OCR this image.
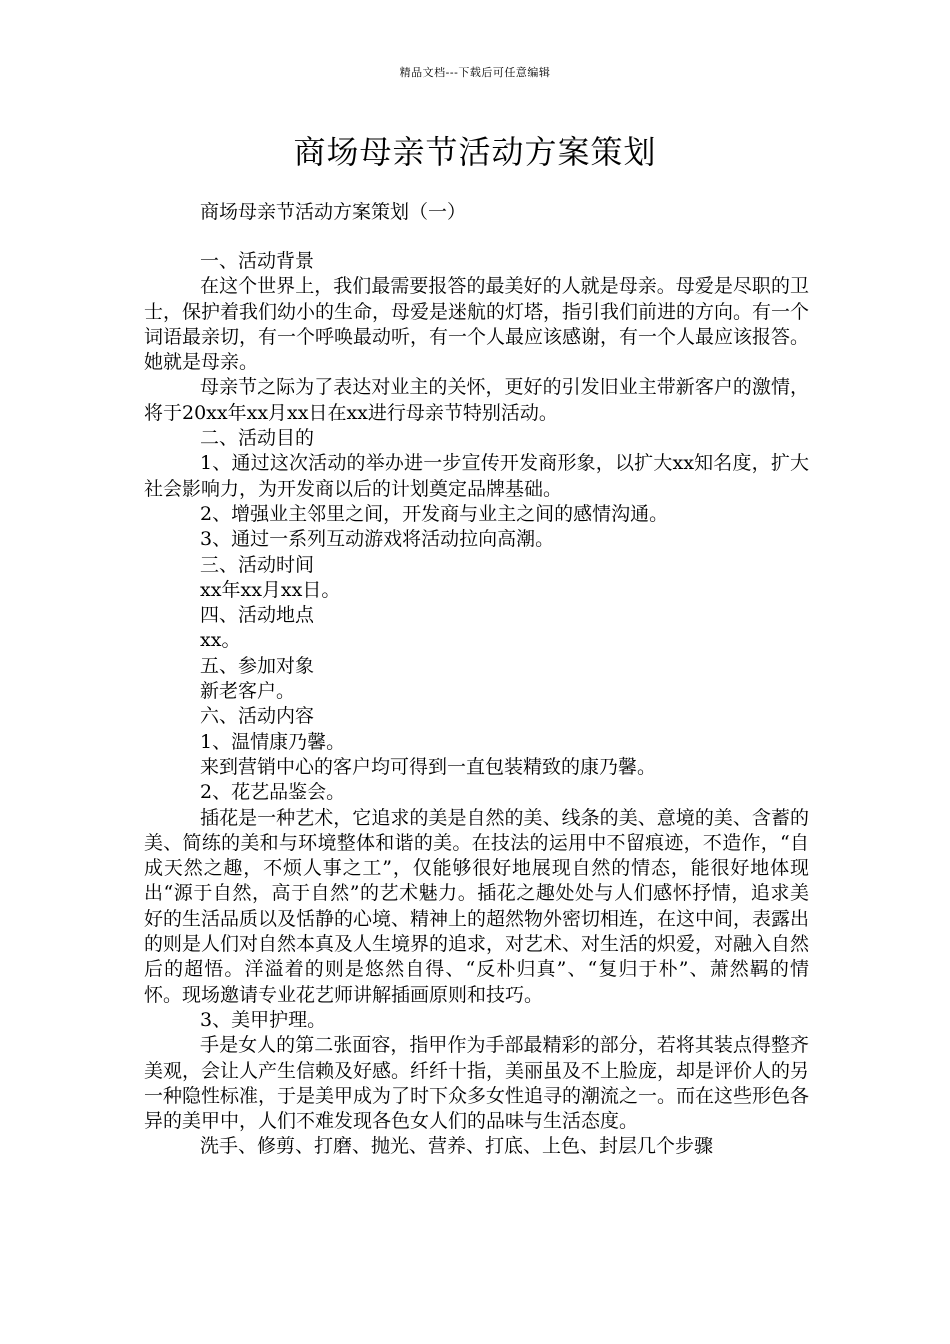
精品文档---下载后可任意编辑
商场母亲节活动方案策划
商场母亲节活动方案策划（一）

一、活动背景

在这个世界上，我们最需要报答的最美好的人就是母亲。母爱是尽职的卫士，保护着我们幼小的生命，母爱是迷航的灯塔，指引我们前进的方向。有一个词语最亲切，有一个呼唤最动听，有一个人最应该感谢，有一个人最应该报答。她就是母亲。

母亲节之际为了表达对业主的关怀，更好的引发旧业主带新客户的激情，将于20xx年xx月xx日在xx进行母亲节特别活动。

二、活动目的

1、通过这次活动的举办进一步宣传开发商形象，以扩大xx知名度，扩大社会影响力，为开发商以后的计划奠定品牌基础。

2、增强业主邻里之间，开发商与业主之间的感情沟通。

3、通过一系列互动游戏将活动拉向高潮。

三、活动时间

xx年xx月xx日。

四、活动地点

xx。

五、参加对象

新老客户。

六、活动内容

1、温情康乃馨。

来到营销中心的客户均可得到一直包装精致的康乃馨。

2、花艺品鉴会。

插花是一种艺术，它追求的美是自然的美、线条的美、意境的美、含蓄的美、简练的美和与环境整体和谐的美。在技法的运用中不留痕迹，不造作，“自成天然之趣，不烦人事之工”，仅能够很好地展现自然的情态，能很好地体现出“源于自然，高于自然”的艺术魅力。插花之趣处处与人们感怀抒情，追求美好的生活品质以及恬静的心境、精神上的超然物外密切相连，在这中间，表露出的则是人们对自然本真及人生境界的追求，对艺术、对生活的炽爱，对融入自然后的超悟。洋溢着的则是悠然自得、“反朴归真”、“复归于朴”、萧然羁的情怀。现场邀请专业花艺师讲解插画原则和技巧。

3、美甲护理。

手是女人的第二张面容，指甲作为手部最精彩的部分，若将其装点得整齐美观，会让人产生信赖及好感。纤纤十指，美丽虽及不上脸庞，却是评价人的另一种隐性标准，于是美甲成为了时下众多女性追寻的潮流之一。而在这些形色各异的美甲中，人们不难发现各色女人们的品味与生活态度。

洗手、修剪、打磨、抛光、营养、打底、上色、封层几个步骤
